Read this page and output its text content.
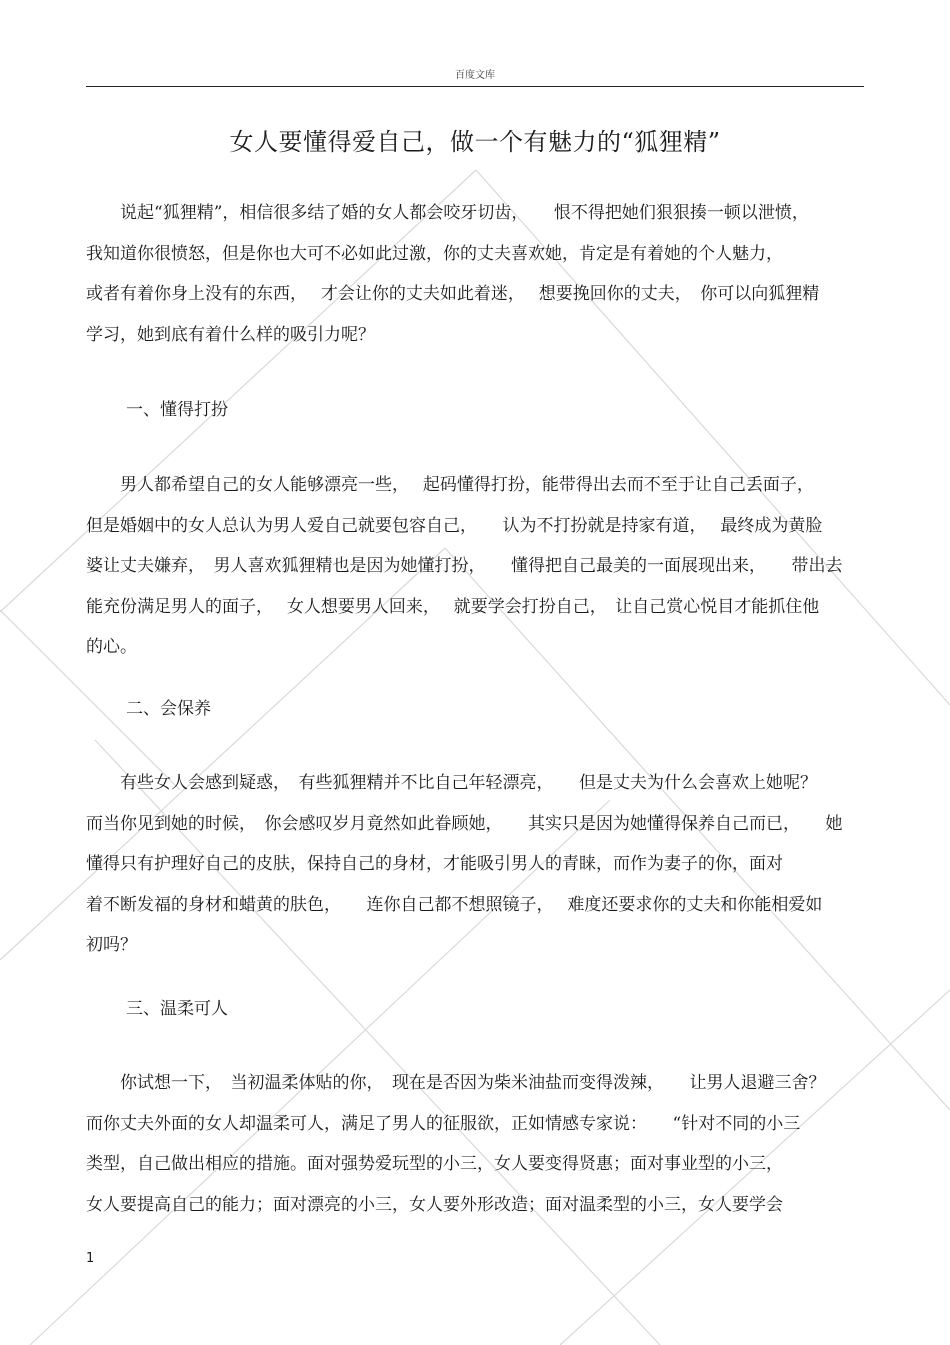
百度文库
女人要懂得爱自己，做一个有魅力的“狐狸精”

　　说起“狐狸精”，相信很多结了婚的女人都会咬牙切齿，　　恨不得把她们狠狠揍一顿以泄愤，
我知道你很愤怒，但是你也大可不必如此过激，你的丈夫喜欢她，肯定是有着她的个人魅力，
或者有着你身上没有的东西，　 才会让你的丈夫如此着迷，　 想要挽回你的丈夫，　你可以向狐狸精
学习，她到底有着什么样的吸引力呢？

一、懂得打扮

　　男人都希望自己的女人能够漂亮一些，　 起码懂得打扮，能带得出去而不至于让自己丢面子，
但是婚姻中的女人总认为男人爱自己就要包容自己，　　认为不打扮就是持家有道，　 最终成为黄脸
婆让丈夫嫌弃，　男人喜欢狐狸精也是因为她懂打扮，　　懂得把自己最美的一面展现出来，　　带出去
能充份满足男人的面子，　 女人想要男人回来，　 就要学会打扮自己，　让自己赏心悦目才能抓住他
的心。

二、会保养

　　有些女人会感到疑惑，　有些狐狸精并不比自己年轻漂亮，　　但是丈夫为什么会喜欢上她呢？
而当你见到她的时候，　你会感叹岁月竟然如此眷顾她，　　其实只是因为她懂得保养自己而已，　　她
懂得只有护理好自己的皮肤，保持自己的身材，才能吸引男人的青睐，而作为妻子的你，面对
着不断发福的身材和蜡黄的肤色，　　连你自己都不想照镜子，　 难度还要求你的丈夫和你能相爱如
初吗？

三、温柔可人

　　你试想一下，　当初温柔体贴的你，　现在是否因为柴米油盐而变得泼辣，　　让男人退避三舍？
而你丈夫外面的女人却温柔可人，满足了男人的征服欲，正如情感专家说：　　“针对不同的小三
类型，自己做出相应的措施。面对强势爱玩型的小三，女人要变得贤惠；面对事业型的小三，
女人要提高自己的能力；面对漂亮的小三，女人要外形改造；面对温柔型的小三，女人要学会

1
